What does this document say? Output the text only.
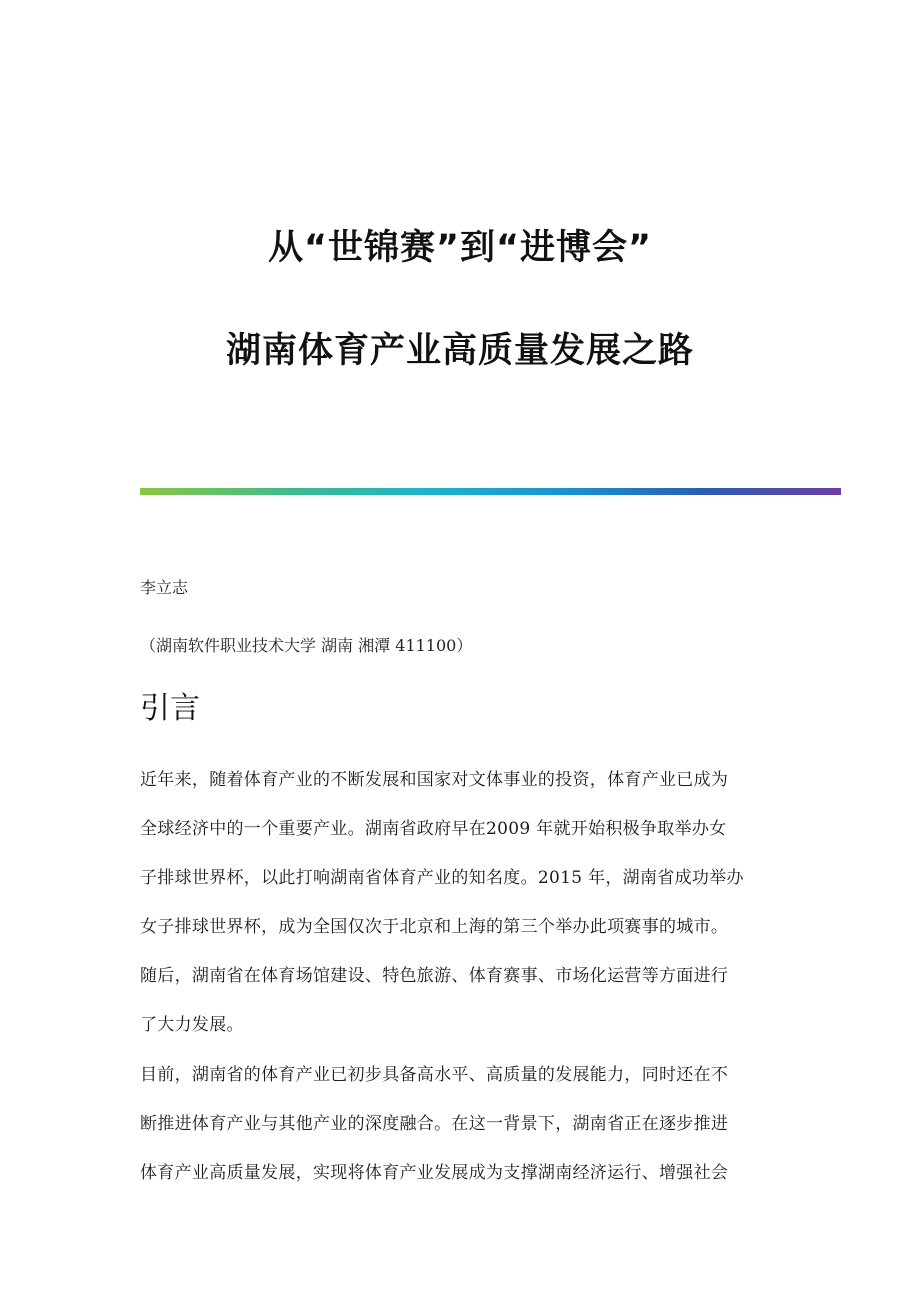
从“世锦赛”到“进博会”
湖南体育产业高质量发展之路
李立志
（湖南软件职业技术大学 湖南 湘潭 411100）
引言
近年来，随着体育产业的不断发展和国家对文体事业的投资，体育产业已成为
全球经济中的一个重要产业。湖南省政府早在2009 年就开始积极争取举办女
子排球世界杯，以此打响湖南省体育产业的知名度。2015 年，湖南省成功举办
女子排球世界杯，成为全国仅次于北京和上海的第三个举办此项赛事的城市。
随后，湖南省在体育场馆建设、特色旅游、体育赛事、市场化运营等方面进行
了大力发展。
目前，湖南省的体育产业已初步具备高水平、高质量的发展能力，同时还在不
断推进体育产业与其他产业的深度融合。在这一背景下，湖南省正在逐步推进
体育产业高质量发展，实现将体育产业发展成为支撑湖南经济运行、增强社会
